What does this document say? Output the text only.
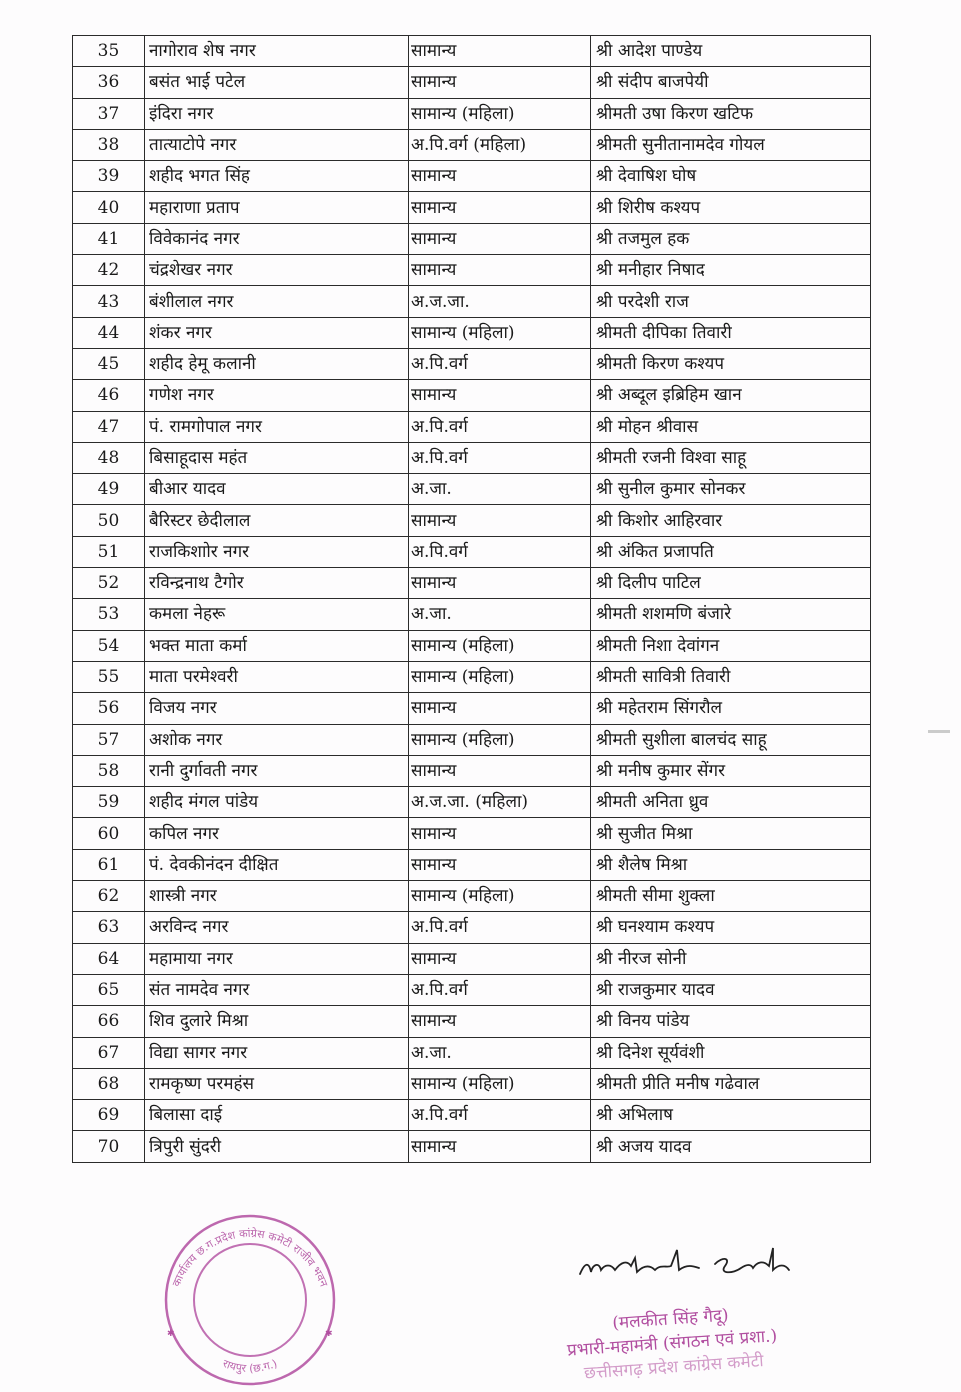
35	नागोराव शेष नगर	सामान्य	श्री आदेश पाण्डेय
36	बसंत भाई पटेल	सामान्य	श्री संदीप बाजपेयी
37	इंदिरा नगर	सामान्य (महिला)	श्रीमती उषा किरण खटिफ
38	तात्याटोपे नगर	अ.पि.वर्ग (महिला)	श्रीमती सुनीतानामदेव गोयल
39	शहीद भगत सिंह	सामान्य	श्री देवाषिश घोष
40	महाराणा प्रताप	सामान्य	श्री शिरीष कश्यप
41	विवेकानंद नगर	सामान्य	श्री तजमुल हक
42	चंद्रशेखर नगर	सामान्य	श्री मनीहार निषाद
43	बंशीलाल नगर	अ.ज.जा.	श्री परदेशी राज
44	शंकर नगर	सामान्य (महिला)	श्रीमती दीपिका तिवारी
45	शहीद हेमू कलानी	अ.पि.वर्ग	श्रीमती किरण कश्यप
46	गणेश नगर	सामान्य	श्री अब्दूल इब्रिहिम खान
47	पं. रामगोपाल नगर	अ.पि.वर्ग	श्री मोहन श्रीवास
48	बिसाहूदास महंत	अ.पि.वर्ग	श्रीमती रजनी विश्वा साहू
49	बीआर यादव	अ.जा.	श्री सुनील कुमार सोनकर
50	बैरिस्टर छेदीलाल	सामान्य	श्री किशोर आहिरवार
51	राजकिशाोर नगर	अ.पि.वर्ग	श्री अंकित प्रजापति
52	रविन्द्रनाथ टैगोर	सामान्य	श्री दिलीप पाटिल
53	कमला नेहरू	अ.जा.	श्रीमती शशमणि बंजारे
54	भक्त माता कर्मा	सामान्य (महिला)	श्रीमती निशा देवांगन
55	माता परमेश्वरी	सामान्य (महिला)	श्रीमती सावित्री तिवारी
56	विजय नगर	सामान्य	श्री महेतराम सिंगरौल
57	अशोक नगर	सामान्य (महिला)	श्रीमती सुशीला बालचंद साहू
58	रानी दुर्गावती नगर	सामान्य	श्री मनीष कुमार सेंगर
59	शहीद मंगल पांडेय	अ.ज.जा. (महिला)	श्रीमती अनिता ध्रुव
60	कपिल नगर	सामान्य	श्री सुजीत मिश्रा
61	पं. देवकीनंदन दीक्षित	सामान्य	श्री शैलेष मिश्रा
62	शास्त्री नगर	सामान्य (महिला)	श्रीमती सीमा शुक्ला
63	अरविन्द नगर	अ.पि.वर्ग	श्री घनश्याम कश्यप
64	महामाया नगर	सामान्य	श्री नीरज सोनी
65	संत नामदेव नगर	अ.पि.वर्ग	श्री राजकुमार यादव
66	शिव दुलारे मिश्रा	सामान्य	श्री विनय पांडेय
67	विद्या सागर नगर	अ.जा.	श्री दिनेश सूर्यवंशी
68	रामकृष्ण परमहंस	सामान्य (महिला)	श्रीमती प्रीति मनीष गढेवाल
69	बिलासा दाई	अ.पि.वर्ग	श्री अभिलाष
70	त्रिपुरी सुंदरी	सामान्य	श्री अजय यादव
कार्यालय छ.ग.प्रदेश कांग्रेस कमेटी राजीव भवन
रायपुर (छ.ग.)
✱	✱
(मलकीत सिंह गैदू)
प्रभारी-महामंत्री (संगठन एवं प्रशा.)
छत्तीसगढ़ प्रदेश कांग्रेस कमेटी
